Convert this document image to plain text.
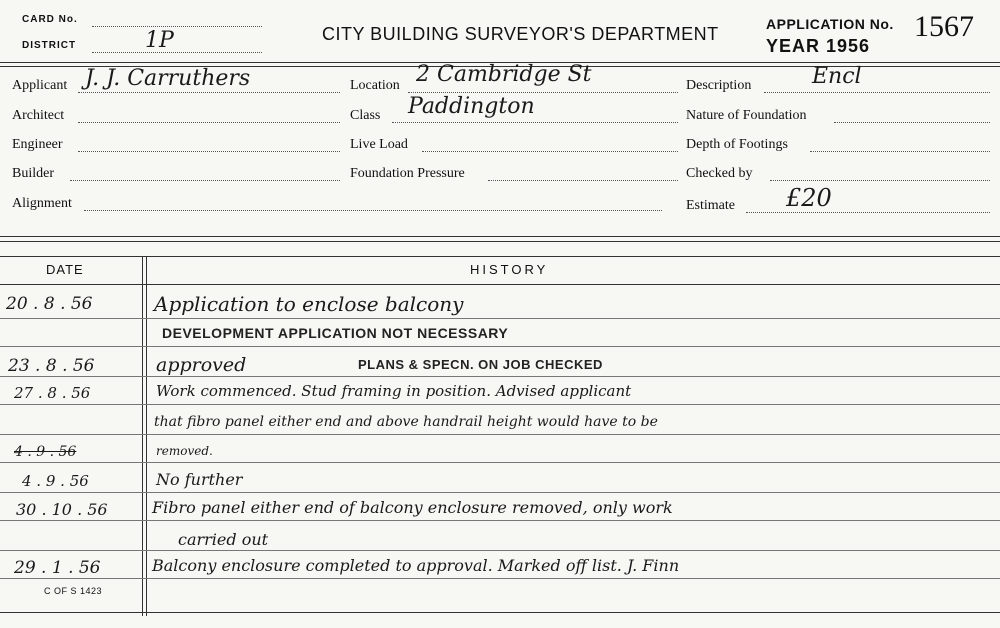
CARD No.
DISTRICT	1P	CITY BUILDING SURVEYOR'S DEPARTMENT	APPLICATION No. 1567
YEAR 1956
Applicant J. J. Carruthers
Architect
Engineer
Builder
Alignment
Location 2 Cambridge St
Class Paddington
Live Load
Foundation Pressure
Description	Encl
Nature of Foundation
Depth of Footings
Checked by
Estimate £20
DATE	HISTORY
20 . 8 . 56	Application to enclose balcony
DEVELOPMENT APPLICATION NOT NECESSARY
23 . 8 . 56	approved	PLANS & SPECN. ON JOB CHECKED
27 . 8 . 56	Work commenced. Stud framing in position. Advised applicant
that fibro panel either end and above handrail height would have to be
4 . 9 . 56	removed.
4 . 9 . 56	No further
30 . 10 . 56	Fibro panel either end of balcony enclosure removed, only work
carried out
29 . 1 . 56	Balcony enclosure completed to approval. Marked off list. J. Finn
C OF S 1423
